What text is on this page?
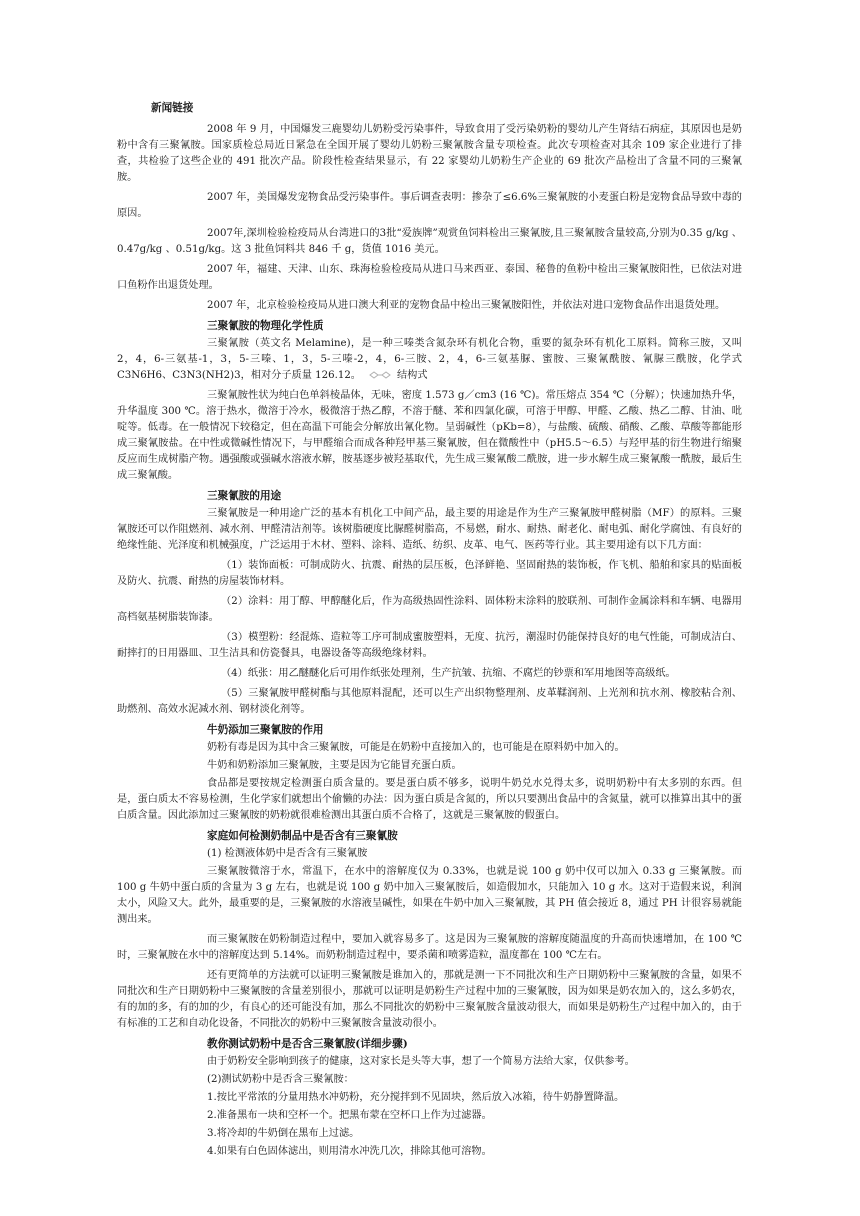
新闻链接

2008 年 9 月，中国爆发三鹿婴幼儿奶粉受污染事件，导致食用了受污染奶粉的婴幼儿产生肾结石病症，其原因也是奶粉中含有三聚氰胺。国家质检总局近日紧急在全国开展了婴幼儿奶粉三聚氰胺含量专项检查。此次专项检查对其余 109 家企业进行了排查，共检验了这些企业的 491 批次产品。阶段性检查结果显示，有 22 家婴幼儿奶粉生产企业的 69 批次产品检出了含量不同的三聚氰胺。

2007 年，美国爆发宠物食品受污染事件。事后调查表明：掺杂了≤6.6%三聚氰胺的小麦蛋白粉是宠物食品导致中毒的原因。

2007年,深圳检验检疫局从台湾进口的3批“爱族牌”观赏鱼饲料检出三聚氰胺,且三聚氰胺含量较高,分别为0.35 g/kg 、0.47g/kg 、0.51g/kg。这 3 批鱼饲料共 846 千 g，货值 1016 美元。

2007 年，福建、天津、山东、珠海检验检疫局从进口马来西亚、泰国、秘鲁的鱼粉中检出三聚氰胺阳性，已依法对进口鱼粉作出退货处理。

2007 年，北京检验检疫局从进口澳大利亚的宠物食品中检出三聚氰胺阳性，并依法对进口宠物食品作出退货处理。

三聚氰胺的物理化学性质

三聚氰胺（英文名 Melamine)，是一种三嗪类含氮杂环有机化合物，重要的氮杂环有机化工原料。简称三胺，又叫 2，4，6-三氨基-1，3，5-三嗪、1，3，5-三嗪-2，4，6-三胺、2，4，6-三氨基脲、蜜胺、三聚氰酰胺、氰脲三酰胺，化学式 C3N6H6、C3N3(NH2)3，相对分子质量 126.12。	结构式

三聚氰胺性状为纯白色单斜棱晶体，无味，密度 1.573 g／cm3 (16 ℃)。常压熔点 354 ℃（分解）；快速加热升华，升华温度 300 ℃。溶于热水，微溶于冷水，极微溶于热乙醇，不溶于醚、苯和四氯化碳，可溶于甲醇、甲醛、乙酸、热乙二醇、甘油、吡啶等。低毒。在一般情况下较稳定，但在高温下可能会分解放出氰化物。呈弱碱性（pKb=8），与盐酸、硫酸、硝酸、乙酸、草酸等都能形成三聚氰胺盐。在中性或微碱性情况下，与甲醛缩合而成各种羟甲基三聚氰胺，但在微酸性中（pH5.5～6.5）与羟甲基的衍生物进行缩聚反应而生成树脂产物。遇强酸或强碱水溶液水解，胺基逐步被羟基取代，先生成三聚氰酸二酰胺，进一步水解生成三聚氰酸一酰胺，最后生成三聚氰酸。

三聚氰胺的用途

三聚氰胺是一种用途广泛的基本有机化工中间产品，最主要的用途是作为生产三聚氰胺甲醛树脂（MF）的原料。三聚氰胺还可以作阻燃剂、减水剂、甲醛清洁剂等。该树脂硬度比脲醛树脂高，不易燃，耐水、耐热、耐老化、耐电弧、耐化学腐蚀、有良好的绝缘性能、光泽度和机械强度，广泛运用于木材、塑料、涂料、造纸、纺织、皮革、电气、医药等行业。其主要用途有以下几方面：

（1）装饰面板：可制成防火、抗震、耐热的层压板，色泽鲜艳、坚固耐热的装饰板，作飞机、船舶和家具的贴面板及防火、抗震、耐热的房屋装饰材料。

（2）涂料：用丁醇、甲醇醚化后，作为高级热固性涂料、固体粉末涂料的胶联剂、可制作金属涂料和车辆、电器用高档氨基树脂装饰漆。

（3）模塑粉：经混炼、造粒等工序可制成蜜胺塑料，无度、抗污，潮湿时仍能保持良好的电气性能，可制成洁白、耐摔打的日用器皿、卫生洁具和仿瓷餐具，电器设备等高级绝缘材料。

（4）纸张：用乙醚醚化后可用作纸张处理剂，生产抗皱、抗缩、不腐烂的钞票和军用地图等高级纸。

（5）三聚氰胺甲醛树酯与其他原料混配，还可以生产出织物整理剂、皮革鞣润剂、上光剂和抗水剂、橡胶粘合剂、助燃剂、高效水泥减水剂、钢材淡化剂等。

牛奶添加三聚氰胺的作用

奶粉有毒是因为其中含三聚氰胺，可能是在奶粉中直接加入的，也可能是在原料奶中加入的。

牛奶和奶粉添加三聚氰胺，主要是因为它能冒充蛋白质。

食品都是要按规定检测蛋白质含量的。要是蛋白质不够多，说明牛奶兑水兑得太多，说明奶粉中有太多别的东西。但是，蛋白质太不容易检测，生化学家们就想出个偷懒的办法：因为蛋白质是含氮的，所以只要测出食品中的含氮量，就可以推算出其中的蛋白质含量。因此添加过三聚氰胺的奶粉就很难检测出其蛋白质不合格了，这就是三聚氰胺的假蛋白。

家庭如何检测奶制品中是否含有三聚氰胺

(1) 检测液体奶中是否含有三聚氰胺

三聚氰胺微溶于水，常温下，在水中的溶解度仅为 0.33%，也就是说 100 g 奶中仅可以加入 0.33 g 三聚氰胺。而 100 g 牛奶中蛋白质的含量为 3 g 左右，也就是说 100 g 奶中加入三聚氰胺后，如造假加水，只能加入 10 g 水。这对于造假来说，利润太小，风险又大。此外，最重要的是，三聚氰胺的水溶液呈碱性，如果在牛奶中加入三聚氰胺，其 PH 值会接近 8，通过 PH 计很容易就能测出来。

而三聚氰胺在奶粉制造过程中，要加入就容易多了。这是因为三聚氰胺的溶解度随温度的升高而快速增加，在 100 ℃时，三聚氰胺在水中的溶解度达到 5.14%。而奶粉制造过程中，要杀菌和喷雾造粒，温度都在 100 ℃左右。

还有更简单的方法就可以证明三聚氰胺是谁加入的，那就是测一下不同批次和生产日期奶粉中三聚氰胺的含量，如果不同批次和生产日期奶粉中三聚氰胺的含量差别很小，那就可以证明是奶粉生产过程中加的三聚氰胺，因为如果是奶农加入的，这么多奶农，有的加的多，有的加的少，有良心的还可能没有加，那么不同批次的奶粉中三聚氰胺含量波动很大，而如果是奶粉生产过程中加入的，由于有标准的工艺和自动化设备，不同批次的奶粉中三聚氰胺含量波动很小。

教你测试奶粉中是否含三聚氰胺(详细步骤)

由于奶粉安全影响到孩子的健康，这对家长是头等大事，想了一个简易方法给大家，仅供参考。

(2)测试奶粉中是否含三聚氰胺：

1.按比平常浓的分量用热水冲奶粉，充分搅拌到不见固块，然后放入冰箱，待牛奶静置降温。

2.准备黑布一块和空杯一个。把黑布蒙在空杯口上作为过滤器。

3.将冷却的牛奶倒在黑布上过滤。

4.如果有白色固体滤出，则用清水冲洗几次，排除其他可溶物。
